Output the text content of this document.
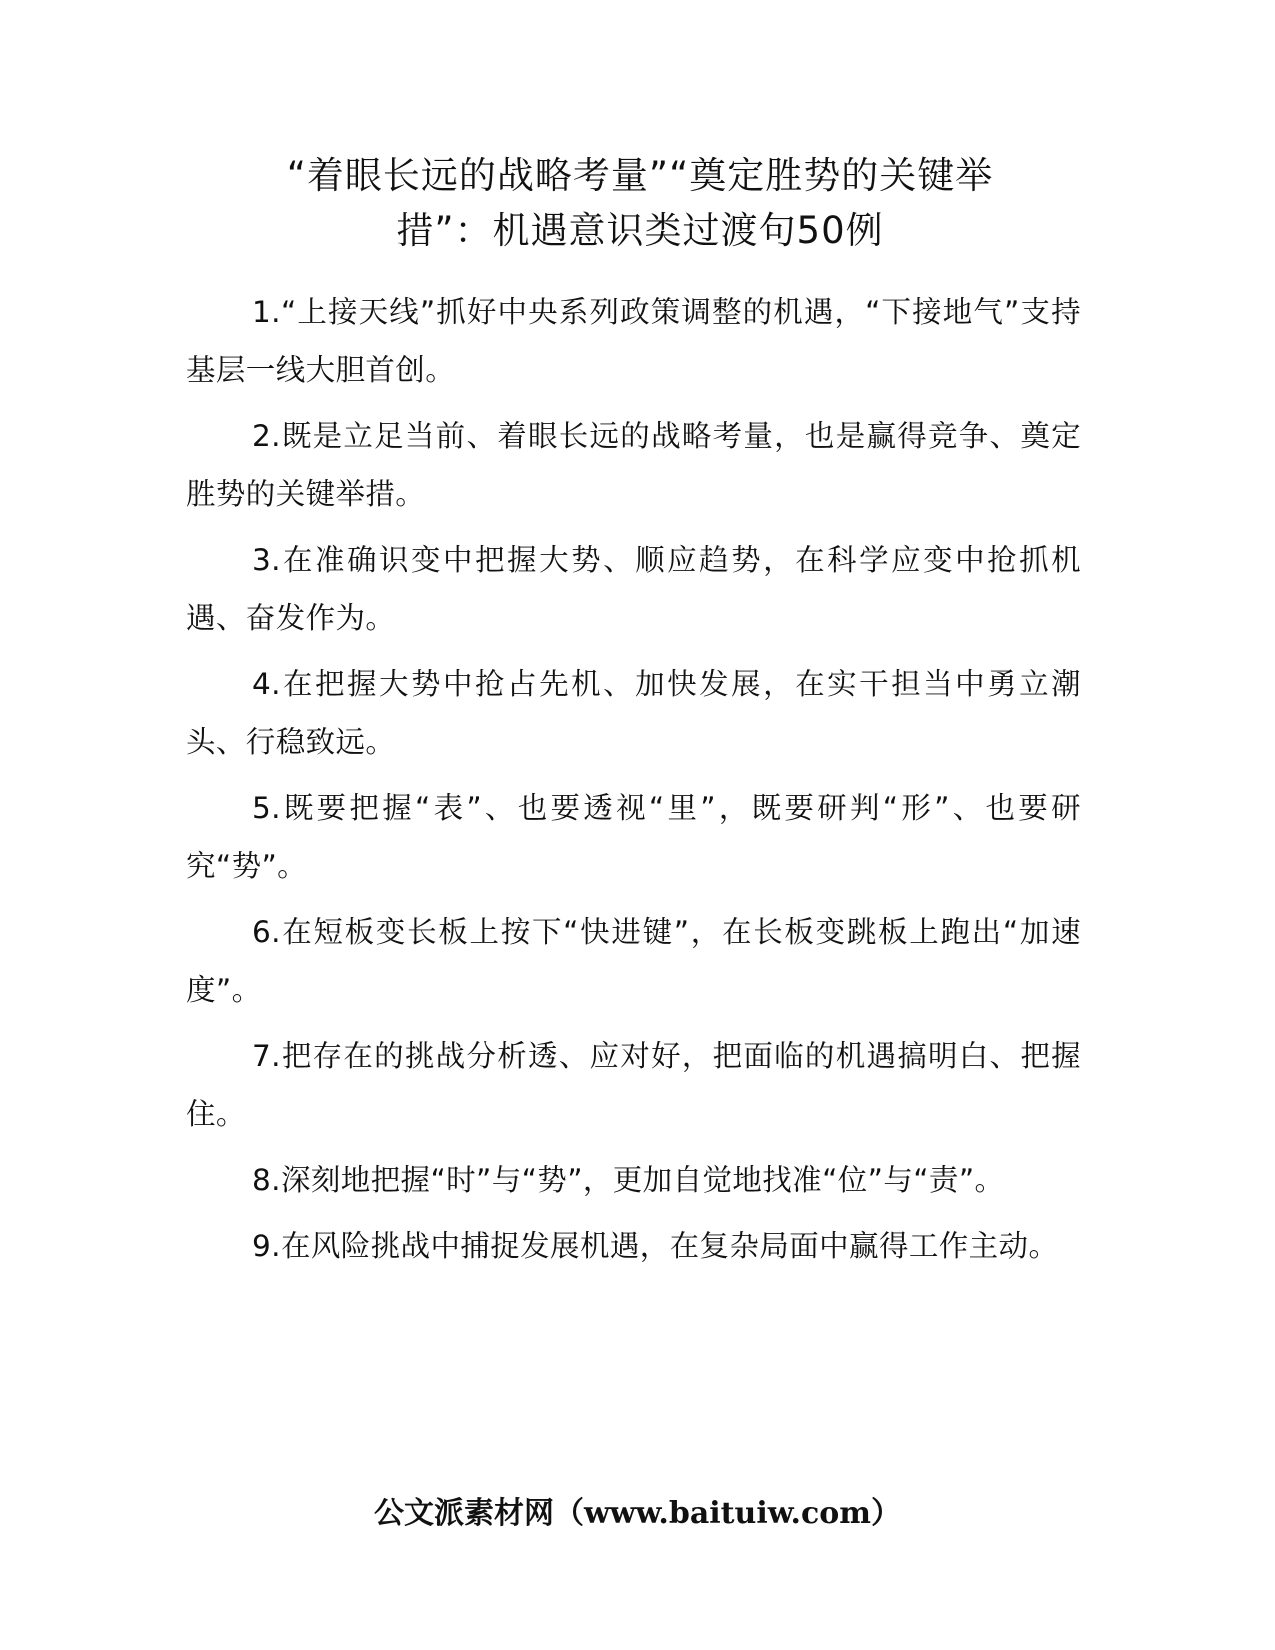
“着眼长远的战略考量”“奠定胜势的关键举
措”：机遇意识类过渡句50例
1.“上接天线”抓好中央系列政策调整的机遇，“下接地气”支持基层一线大胆首创。
2.既是立足当前、着眼长远的战略考量，也是赢得竞争、奠定胜势的关键举措。
3.在准确识变中把握大势、顺应趋势，在科学应变中抢抓机遇、奋发作为。
4.在把握大势中抢占先机、加快发展，在实干担当中勇立潮头、行稳致远。
5.既要把握“表”、也要透视“里”，既要研判“形”、也要研究“势”。
6.在短板变长板上按下“快进键”，在长板变跳板上跑出“加速度”。
7.把存在的挑战分析透、应对好，把面临的机遇搞明白、把握住。
8.深刻地把握“时”与“势”，更加自觉地找准“位”与“责”。
9.在风险挑战中捕捉发展机遇，在复杂局面中赢得工作主动。
公文派素材网（www.baituiw.com）
